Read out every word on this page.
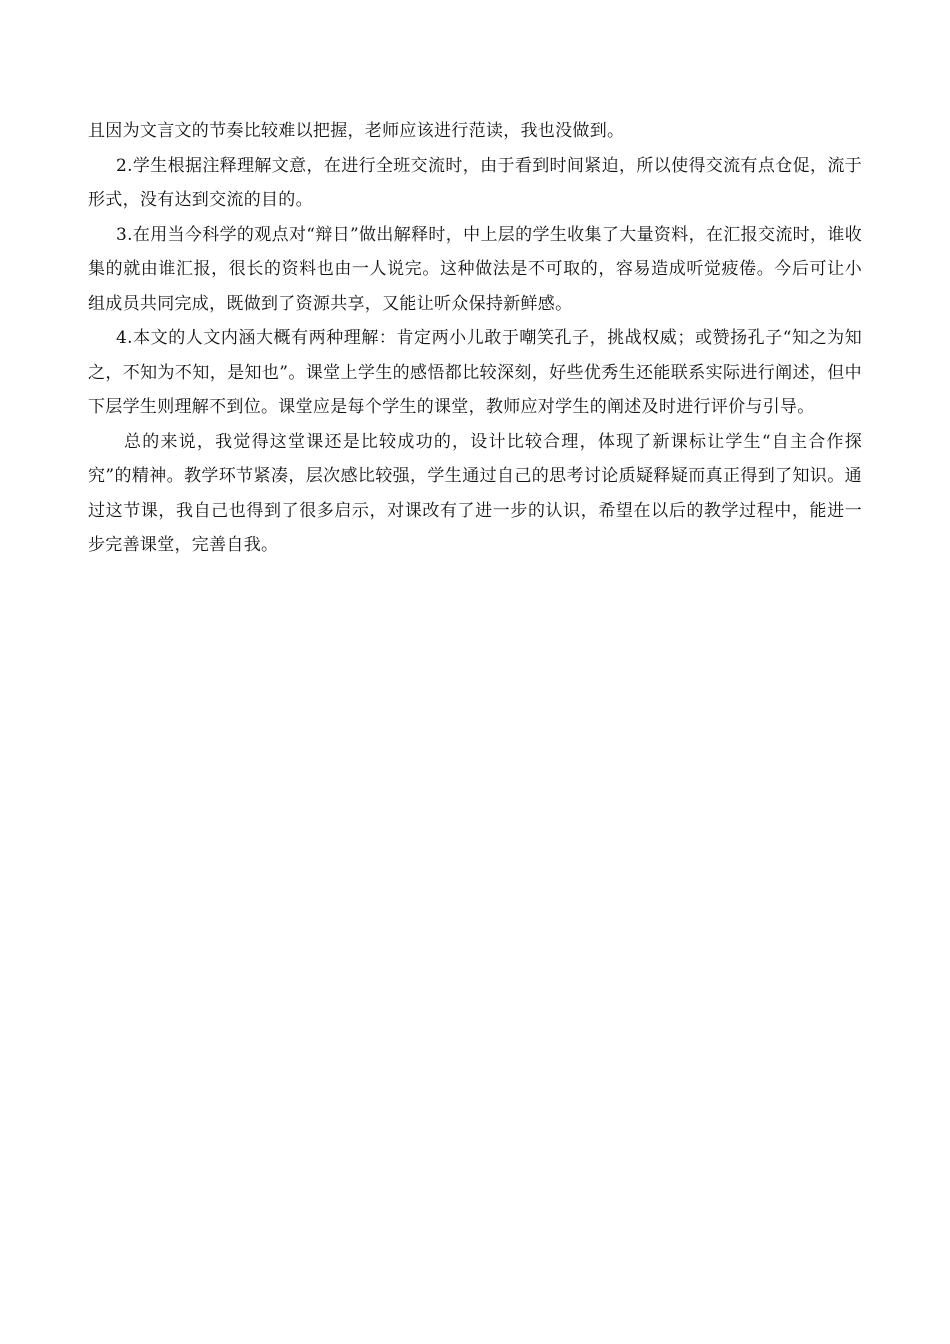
且因为文言文的节奏比较难以把握，老师应该进行范读，我也没做到。

2.学生根据注释理解文意，在进行全班交流时，由于看到时间紧迫，所以使得交流有点仓促，流于形式，没有达到交流的目的。

3.在用当今科学的观点对“辩日”做出解释时，中上层的学生收集了大量资料，在汇报交流时，谁收集的就由谁汇报，很长的资料也由一人说完。这种做法是不可取的，容易造成听觉疲倦。今后可让小组成员共同完成，既做到了资源共享，又能让听众保持新鲜感。

4.本文的人文内涵大概有两种理解：肯定两小儿敢于嘲笑孔子，挑战权威；或赞扬孔子“知之为知之，不知为不知，是知也”。课堂上学生的感悟都比较深刻，好些优秀生还能联系实际进行阐述，但中下层学生则理解不到位。课堂应是每个学生的课堂，教师应对学生的阐述及时进行评价与引导。

总的来说，我觉得这堂课还是比较成功的，设计比较合理，体现了新课标让学生“自主合作探究”的精神。教学环节紧凑，层次感比较强，学生通过自己的思考讨论质疑释疑而真正得到了知识。通过这节课，我自己也得到了很多启示，对课改有了进一步的认识，希望在以后的教学过程中，能进一步完善课堂，完善自我。
